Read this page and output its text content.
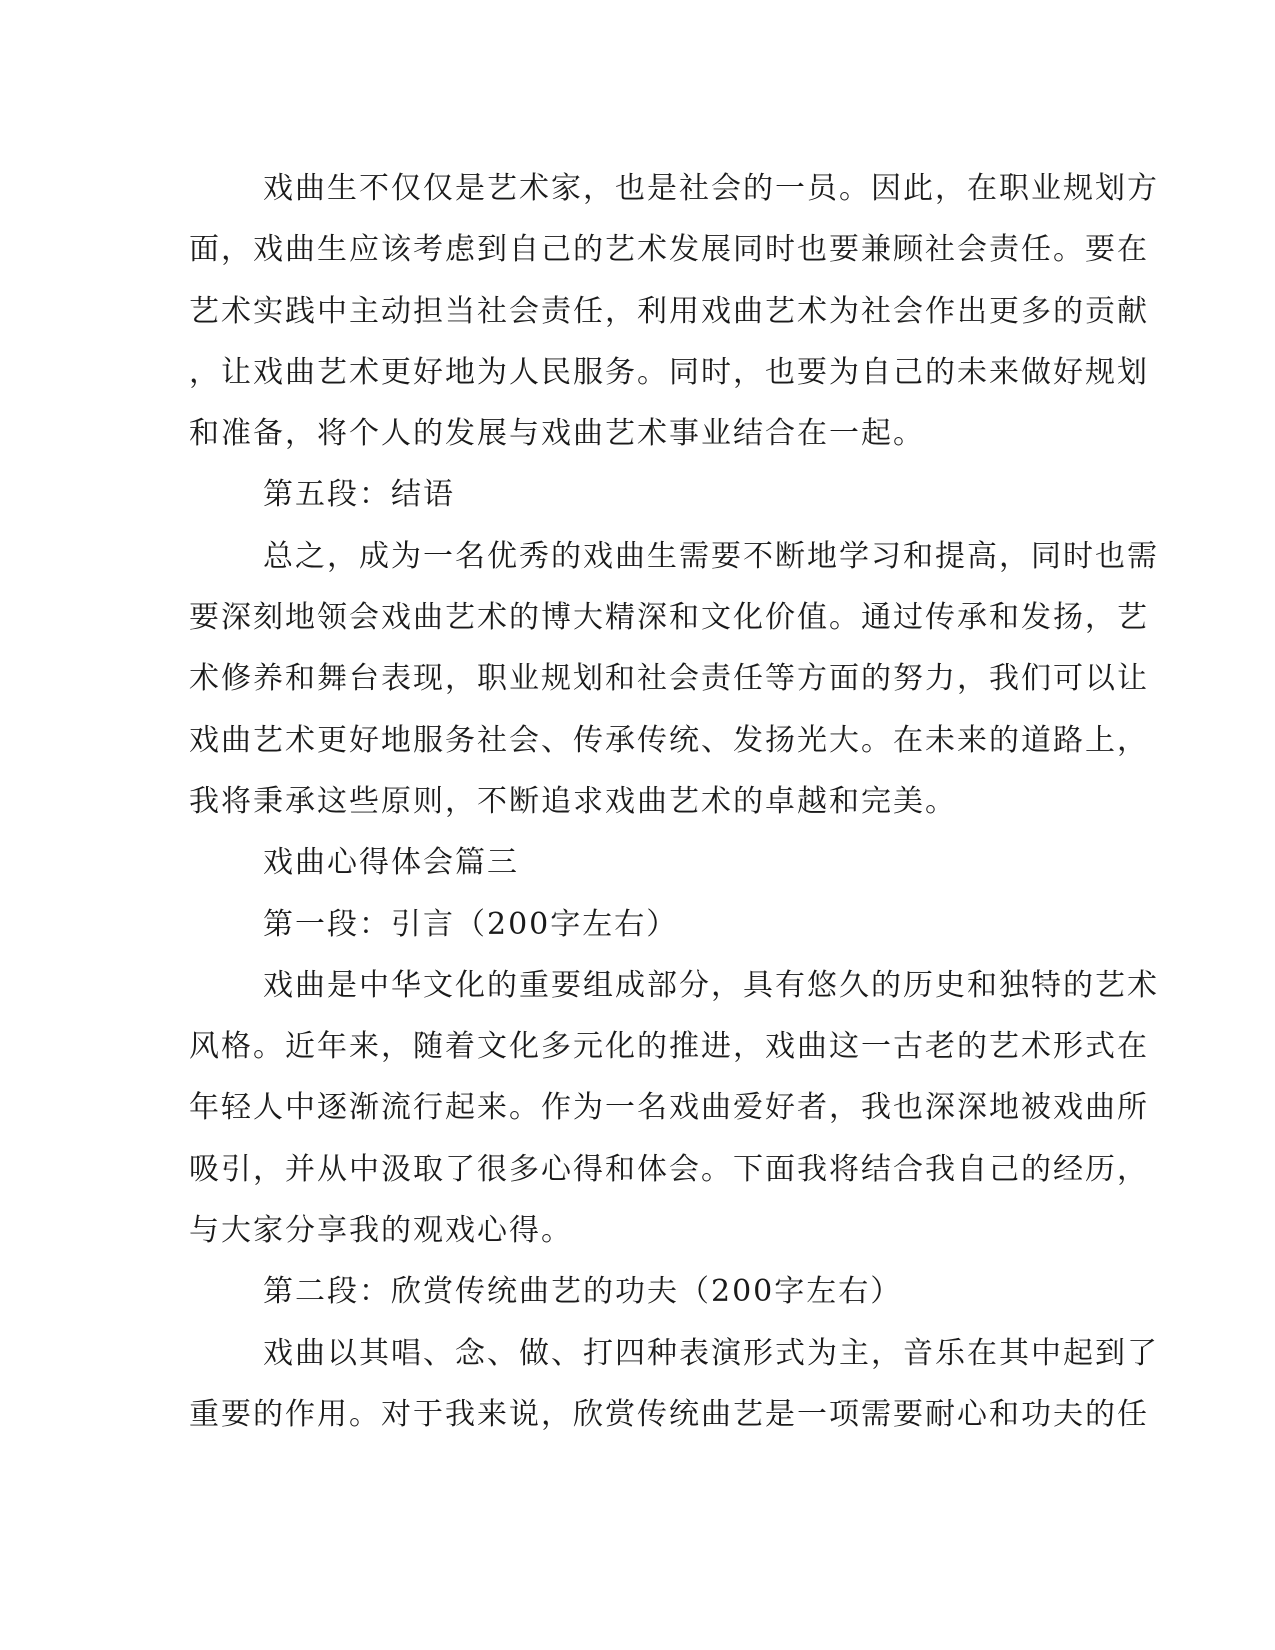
戏曲生不仅仅是艺术家，也是社会的一员。因此，在职业规划方
面，戏曲生应该考虑到自己的艺术发展同时也要兼顾社会责任。要在
艺术实践中主动担当社会责任，利用戏曲艺术为社会作出更多的贡献
，让戏曲艺术更好地为人民服务。同时，也要为自己的未来做好规划
和准备，将个人的发展与戏曲艺术事业结合在一起。
第五段：结语
总之，成为一名优秀的戏曲生需要不断地学习和提高，同时也需
要深刻地领会戏曲艺术的博大精深和文化价值。通过传承和发扬，艺
术修养和舞台表现，职业规划和社会责任等方面的努力，我们可以让
戏曲艺术更好地服务社会、传承传统、发扬光大。在未来的道路上，
我将秉承这些原则，不断追求戏曲艺术的卓越和完美。
戏曲心得体会篇三
第一段：引言（200字左右）
戏曲是中华文化的重要组成部分，具有悠久的历史和独特的艺术
风格。近年来，随着文化多元化的推进，戏曲这一古老的艺术形式在
年轻人中逐渐流行起来。作为一名戏曲爱好者，我也深深地被戏曲所
吸引，并从中汲取了很多心得和体会。下面我将结合我自己的经历，
与大家分享我的观戏心得。
第二段：欣赏传统曲艺的功夫（200字左右）
戏曲以其唱、念、做、打四种表演形式为主，音乐在其中起到了
重要的作用。对于我来说，欣赏传统曲艺是一项需要耐心和功夫的任
